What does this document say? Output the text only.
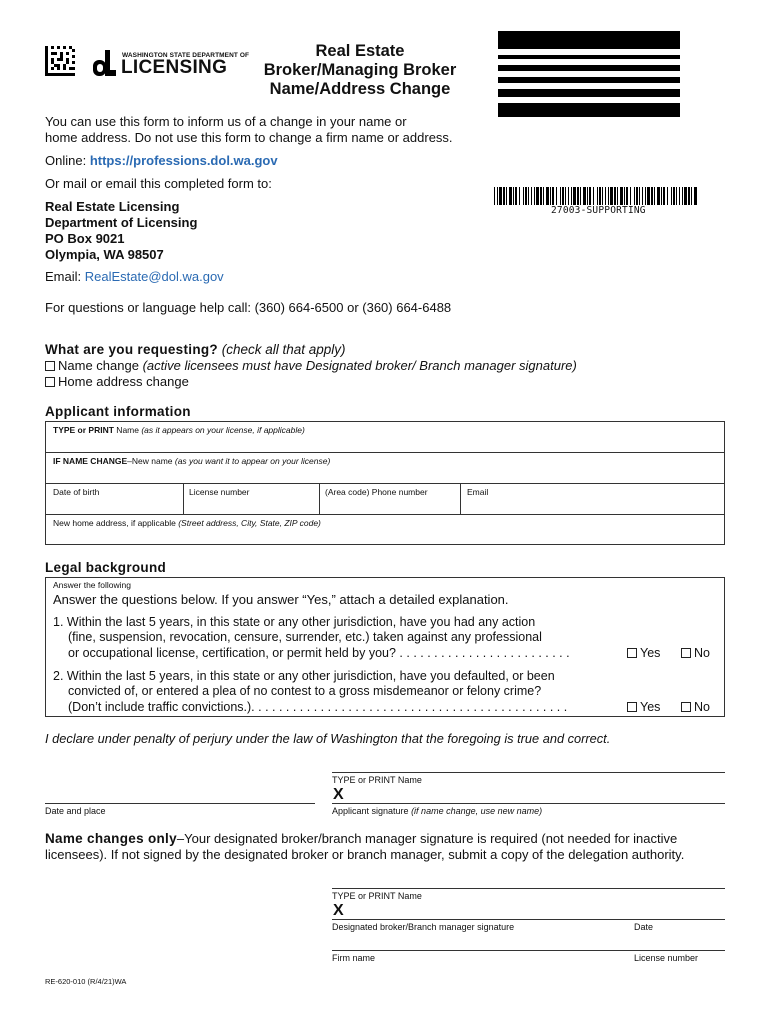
WASHINGTON STATE DEPARTMENT OF
LICENSING
Real Estate
Broker/Managing Broker
Name/Address Change
27003-SUPPORTING
You can use this form to inform us of a change in your name or
home address. Do not use this form to change a firm name or address.
Online: https://professions.dol.wa.gov
Or mail or email this completed form to:
Real Estate Licensing
Department of Licensing
PO Box 9021
Olympia, WA 98507
Email: RealEstate@dol.wa.gov
For questions or language help call: (360) 664-6500 or (360) 664-6488
What are you requesting? (check all that apply)
Name change (active licensees must have Designated broker/ Branch manager signature)
Home address change
Applicant information
TYPE or PRINT Name (as it appears on your license, if applicable)
IF NAME CHANGE–New name (as you want it to appear on your license)
Date of birth	License number	(Area code) Phone number	Email
New home address, if applicable (Street address, City, State, ZIP code)
Legal background
Answer the following
Answer the questions below. If you answer “Yes,” attach a detailed explanation.
1. Within the last 5 years, in this state or any other jurisdiction, have you had any action
(fine, suspension, revocation, censure, surrender, etc.) taken against any professional
or occupational license, certification, or permit held by you? . . . . . . . . . . . . . . . . . . . . . . . . .	Yes	No
2. Within the last 5 years, in this state or any other jurisdiction, have you defaulted, or been
convicted of, or entered a plea of no contest to a gross misdemeanor or felony crime?
(Don’t include traffic convictions.). . . . . . . . . . . . . . . . . . . . . . . . . . . . . . . . . . . . . . . . . . . . . .	Yes	No
I declare under penalty of perjury under the law of Washington that the foregoing is true and correct.
TYPE or PRINT Name
X
Date and place	Applicant signature (if name change, use new name)
Name changes only–Your designated broker/branch manager signature is required (not needed for inactive
licensees). If not signed by the designated broker or branch manager, submit a copy of the delegation authority.
TYPE or PRINT Name
X
Designated broker/Branch manager signature	Date
Firm name	License number
RE-620-010 (R/4/21)WA
